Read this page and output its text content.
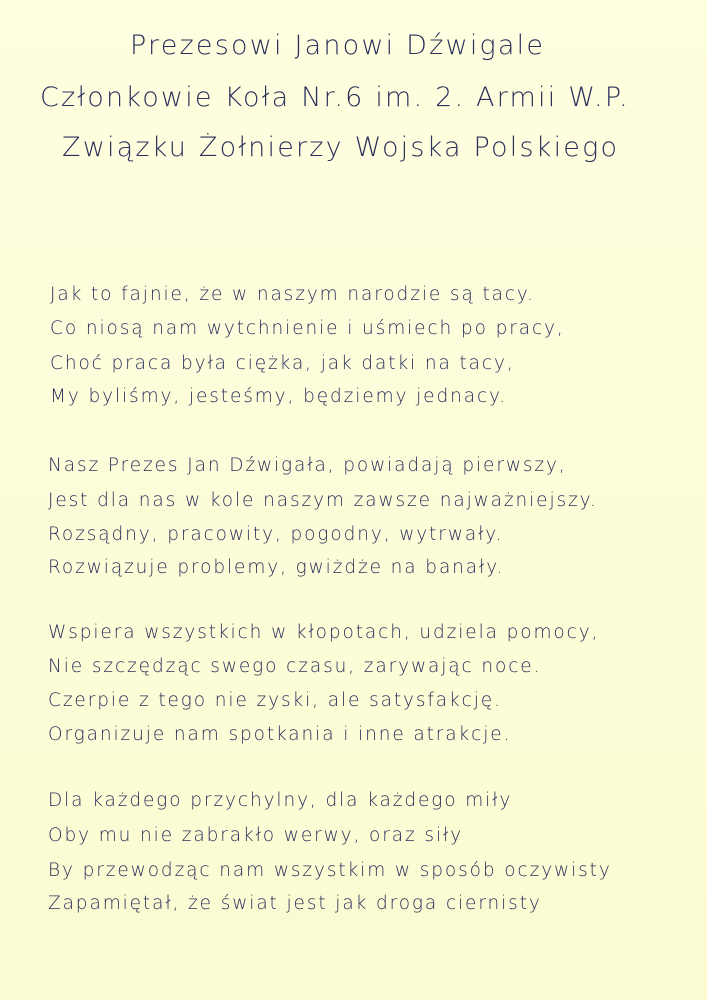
Prezesowi Janowi Dźwigale
Członkowie Koła Nr.6 im. 2. Armii W.P.
Związku Żołnierzy Wojska Polskiego
Jak to fajnie, że w naszym narodzie są tacy.
Co niosą nam wytchnienie i uśmiech po pracy,
Choć praca była ciężka, jak datki na tacy,
My byliśmy, jesteśmy, będziemy jednacy.
Nasz Prezes Jan Dźwigała, powiadają pierwszy,
Jest dla nas w kole naszym zawsze najważniejszy.
Rozsądny, pracowity, pogodny, wytrwały.
Rozwiązuje problemy, gwiżdże na banały.
Wspiera wszystkich w kłopotach, udziela pomocy,
Nie szczędząc swego czasu, zarywając noce.
Czerpie z tego nie zyski, ale satysfakcję.
Organizuje nam spotkania i inne atrakcje.
Dla każdego przychylny, dla każdego miły
Oby mu nie zabrakło werwy, oraz siły
By przewodząc nam wszystkim w sposób oczywisty
Zapamiętał, że świat jest jak droga ciernisty
